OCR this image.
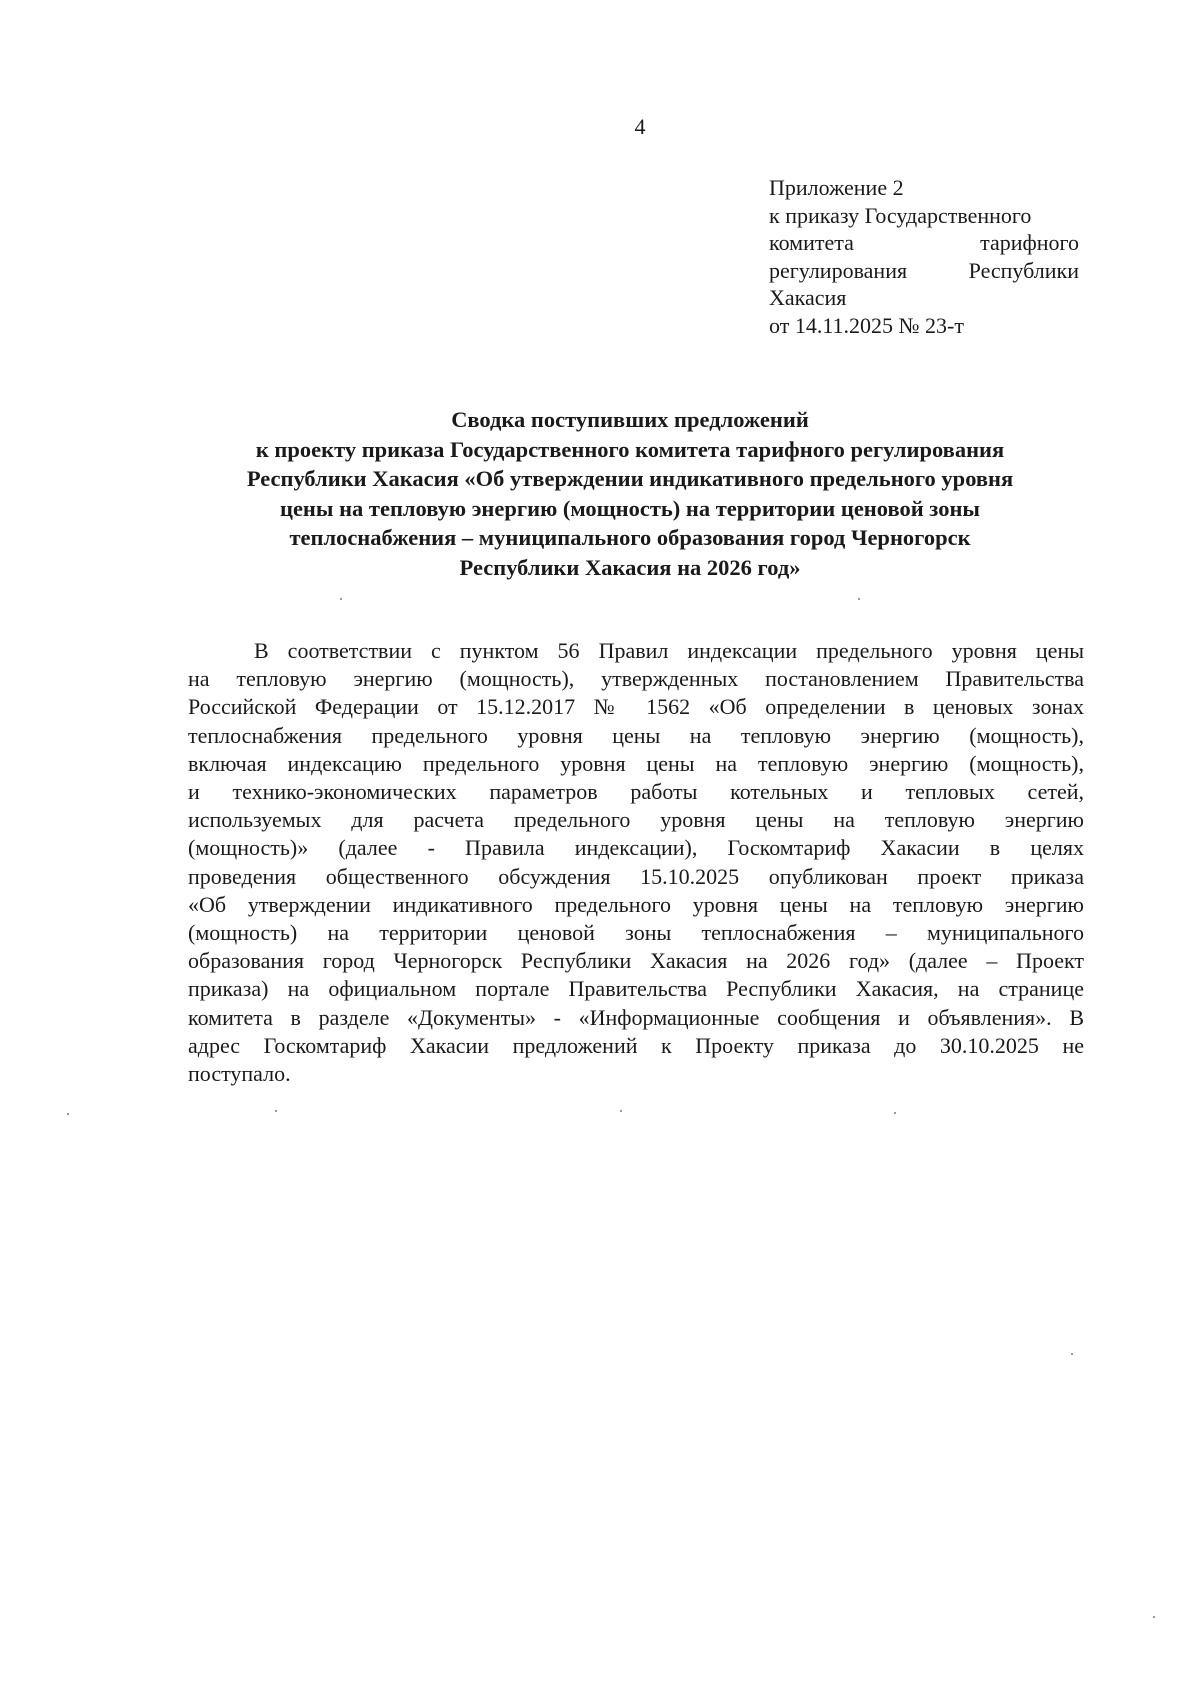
4
Приложение 2
к приказу Государственного
комитета	тарифного
регулирования	Республики
Хакасия
от 14.11.2025 № 23-т
Сводка поступивших предложений
к проекту приказа Государственного комитета тарифного регулирования
Республики Хакасия «Об утверждении индикативного предельного уровня
цены на тепловую энергию (мощность) на территории ценовой зоны
теплоснабжения – муниципального образования город Черногорск
Республики Хакасия на 2026 год»
В соответствии с пунктом 56 Правил индексации предельного уровня цены
на тепловую энергию (мощность), утвержденных постановлением Правительства
Российской Федерации от 15.12.2017 № 1562 «Об определении в ценовых зонах
теплоснабжения предельного уровня цены на тепловую энергию (мощность),
включая индексацию предельного уровня цены на тепловую энергию (мощность),
и технико-экономических параметров работы котельных и тепловых сетей,
используемых для расчета предельного уровня цены на тепловую энергию
(мощность)» (далее - Правила индексации), Госкомтариф Хакасии в целях
проведения общественного обсуждения 15.10.2025 опубликован проект приказа
«Об утверждении индикативного предельного уровня цены на тепловую энергию
(мощность) на территории ценовой зоны теплоснабжения – муниципального
образования город Черногорск Республики Хакасия на 2026 год» (далее – Проект
приказа) на официальном портале Правительства Республики Хакасия, на странице
комитета в разделе «Документы» - «Информационные сообщения и объявления». В
адрес Госкомтариф Хакасии предложений к Проекту приказа до 30.10.2025 не
поступало.
